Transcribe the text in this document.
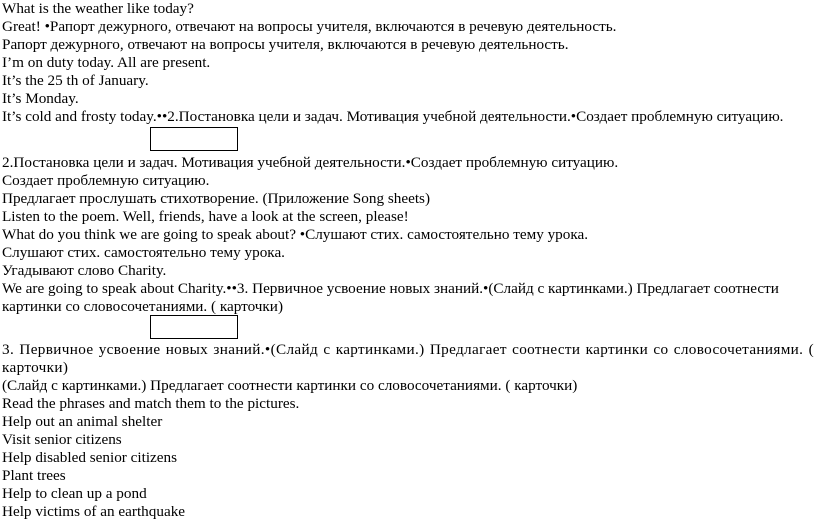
What is the weather like today?
Great! •Рапорт дежурного, отвечают на вопросы учителя, включаются в речевую деятельность.
Рапорт дежурного, отвечают на вопросы учителя, включаются в речевую деятельность.
I’m on duty today. All are present.
It’s the 25 th of January.
It’s Monday.
It’s cold and frosty today.••2.Постановка цели и задач. Мотивация учебной деятельности.•Создает проблемную ситуацию.
2.Постановка цели и задач. Мотивация учебной деятельности.•Создает проблемную ситуацию.
Создает проблемную ситуацию.
Предлагает прослушать стихотворение. (Приложение Song sheets)
Listen to the poem. Well, friends, have a look at the screen, please!
What do you think we are going to speak about? •Слушают стих. самостоятельно тему урока.
Слушают стих. самостоятельно тему урока.
Угадывают слово Charity.
We are going to speak about Charity.••3. Первичное усвоение новых знаний.•(Слайд с картинками.) Предлагает соотнести
картинки со словосочетаниями. ( карточки)
3. Первичное усвоение новых знаний.•(Слайд с картинками.) Предлагает соотнести картинки со словосочетаниями. ( карточки)
(Слайд с картинками.) Предлагает соотнести картинки со словосочетаниями. ( карточки)
Read the phrases and match them to the pictures.
Help out an animal shelter
Visit senior citizens
Help disabled senior citizens
Plant trees
Help to clean up a pond
Help victims of an earthquake
